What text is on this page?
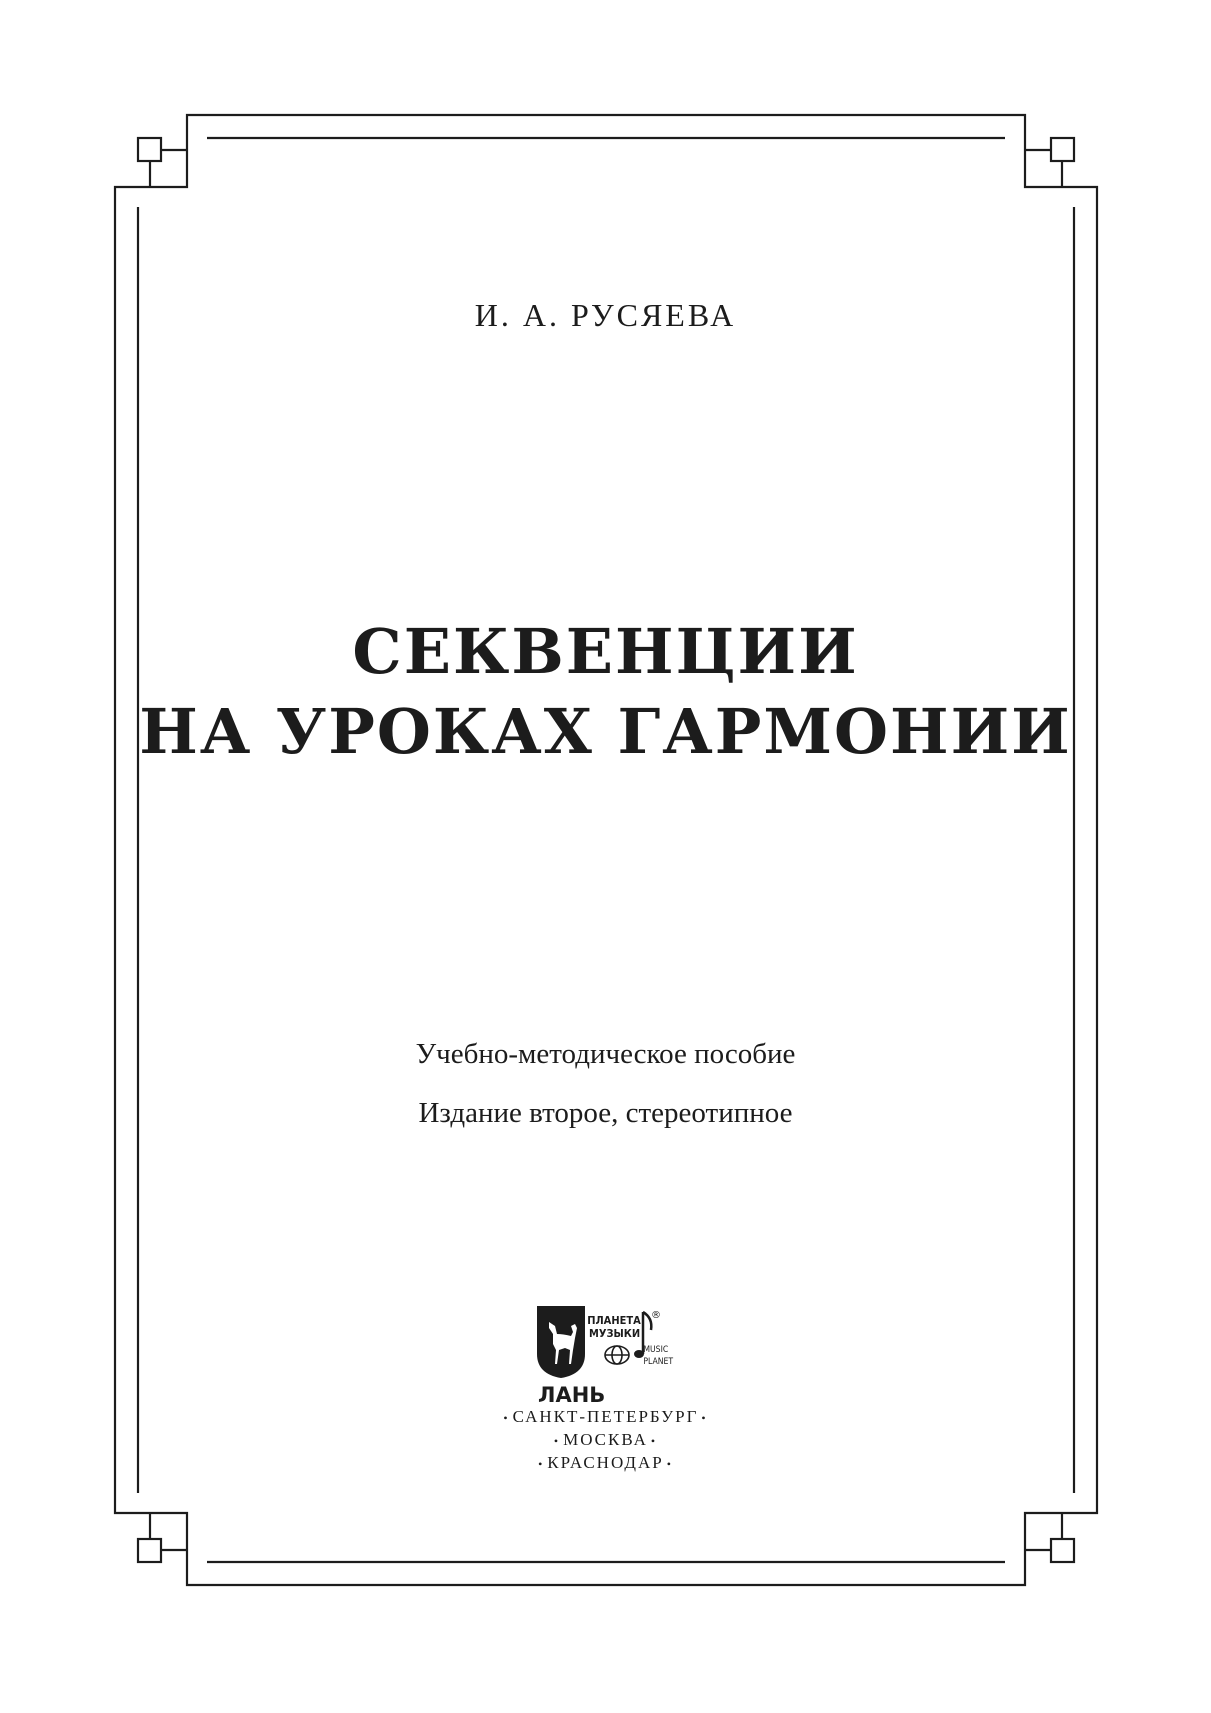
И. А. РУСЯЕВА
СЕКВЕНЦИИ
НА УРОКАХ ГАРМОНИИ
Учебно-методическое пособие
Издание второе, стереотипное
ЛАНЬ
ПЛАНЕТА
МУЗЫКИ
®
MUSIC
PLANET
• САНКТ-ПЕТЕРБУРГ •
• МОСКВА •
• КРАСНОДАР •
